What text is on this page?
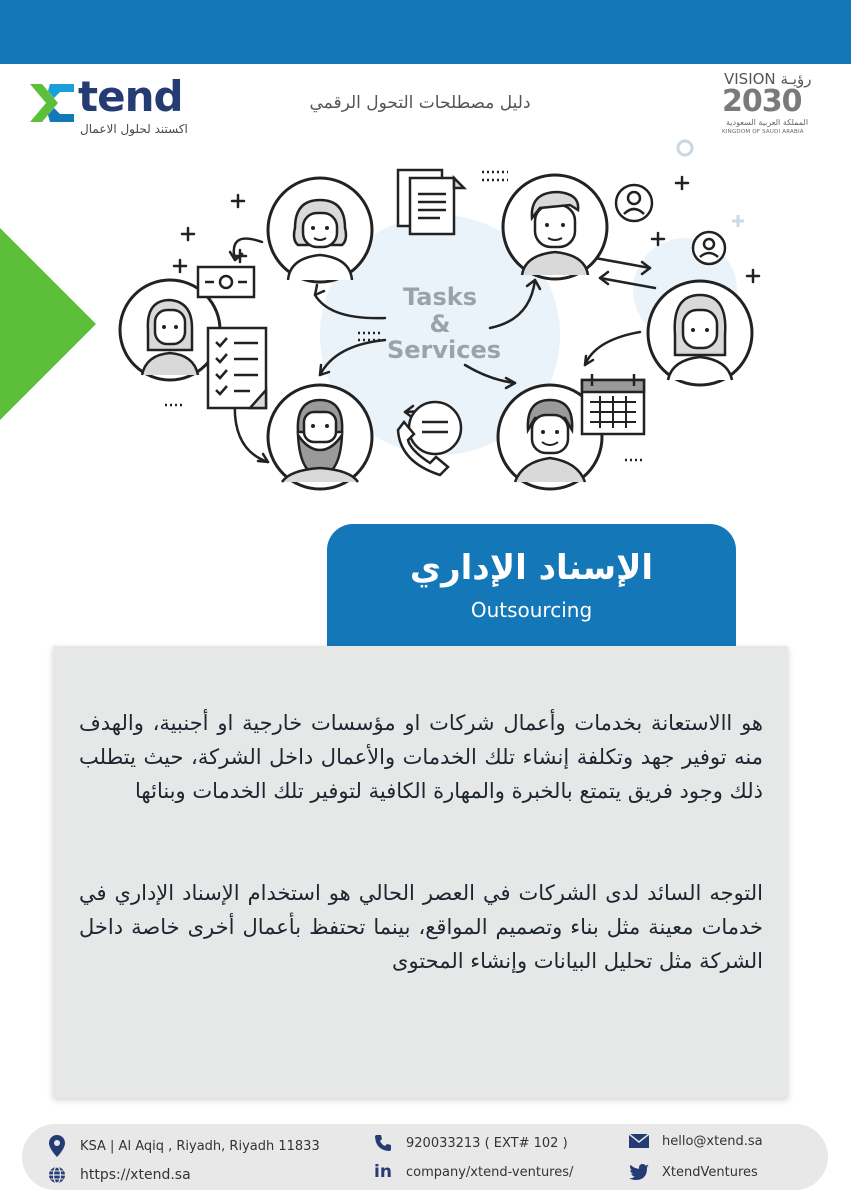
tend
اكستند لحلول الاعمال
دليل مصطلحات التحول الرقمي
VISION رؤيـة
2030
المملكة العربية السعودية
KINGDOM OF SAUDI ARABIA
Tasks
&
Services
الإسناد الإداري
Outsourcing

هو االاستعانة بخدمات وأعمال شركات او مؤسسات خارجية او أجنبية، والهدف منه توفير جهد وتكلفة إنشاء تلك الخدمات والأعمال داخل الشركة، حيث يتطلب ذلك وجود فريق يتمتع بالخبرة والمهارة الكافية لتوفير تلك الخدمات وبنائها

التوجه السائد لدى الشركات في العصر الحالي هو استخدام الإسناد الإداري في خدمات معينة مثل بناء وتصميم المواقع، بينما تحتفظ بأعمال أخرى خاصة داخل الشركة مثل تحليل البيانات وإنشاء المحتوى

KSA | Al Aqiq , Riyadh, Riyadh 11833
https://xtend.sa
920033213 ( EXT# 102 )
in company/xtend-ventures/
hello@xtend.sa
XtendVentures
